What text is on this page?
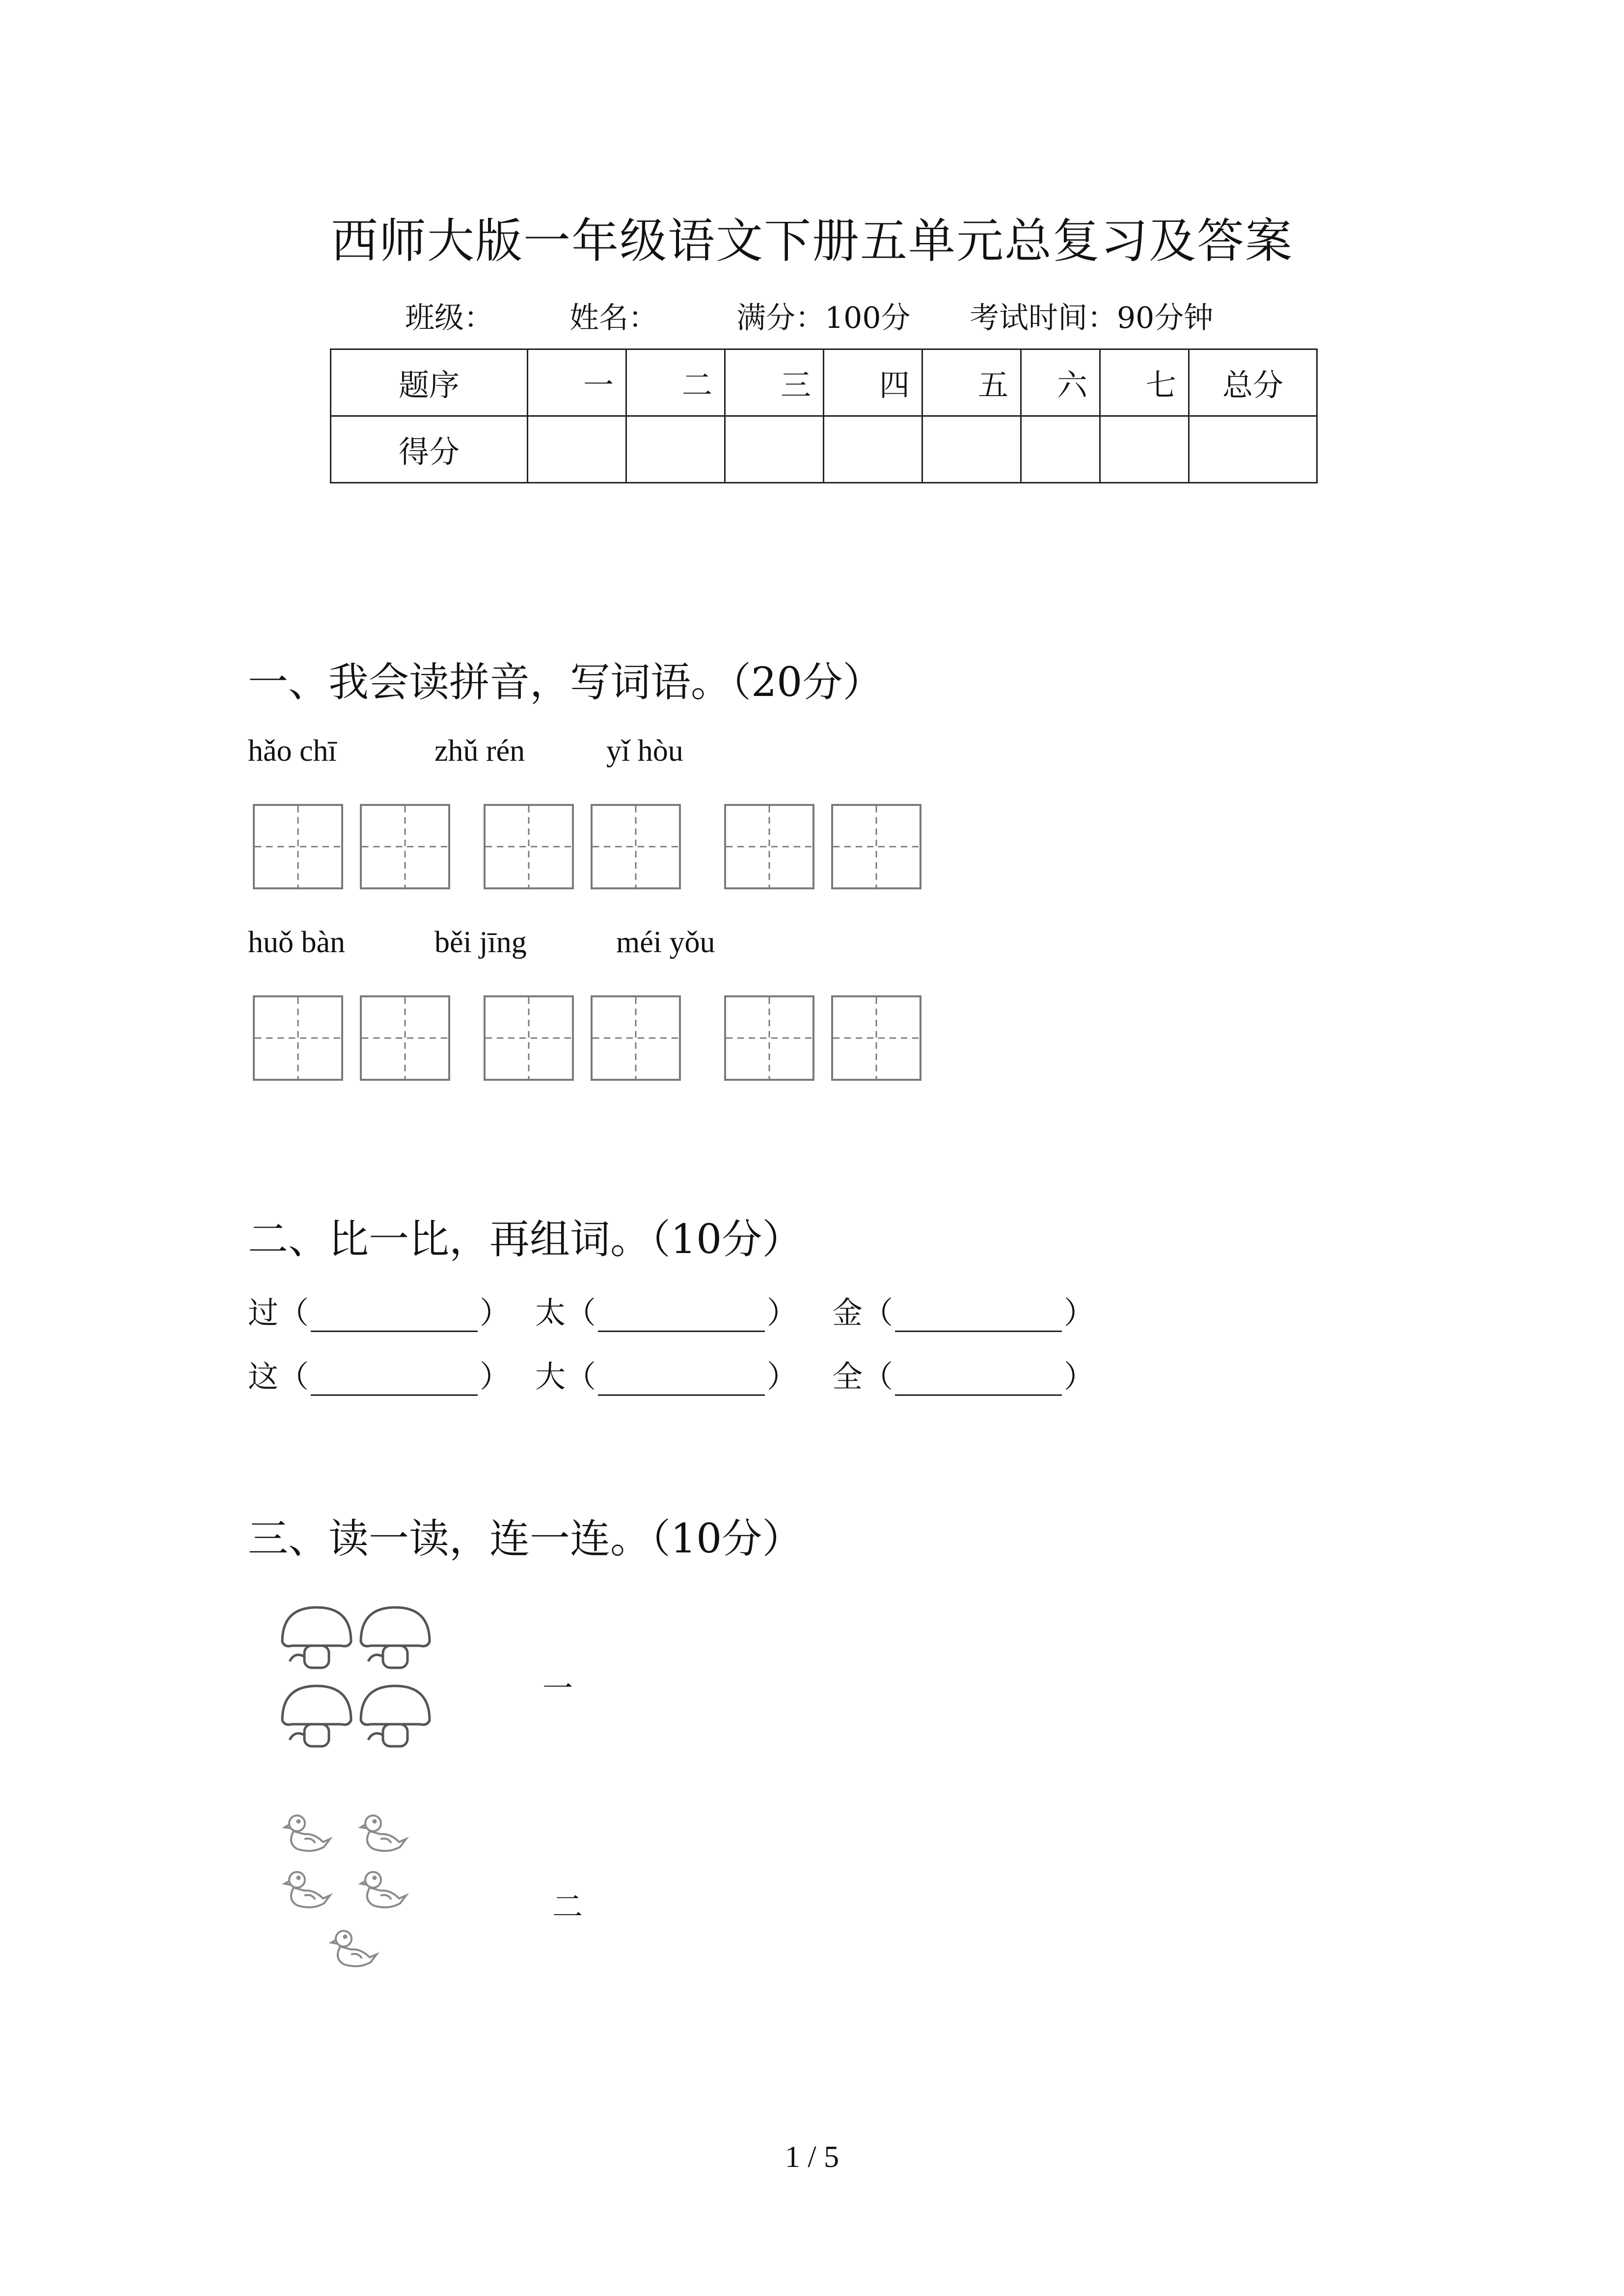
西师大版一年级语文下册五单元总复习及答案
班级：	姓名：	满分：100分 考试时间：90分钟
题序	一	二	三	四	五	六	七	总分
得分								
一、我会读拼音，写词语。（20分）
hǎo chī	zhǔ rén	yǐ hòu
huǒ bàn	běi jīng	méi yǒu
二、比一比，再组词。（10分）
过（	） 太（	） 金（	）
这（	） 大（	） 全（	）
三、读一读，连一连。（10分）
一
二
1 / 5
